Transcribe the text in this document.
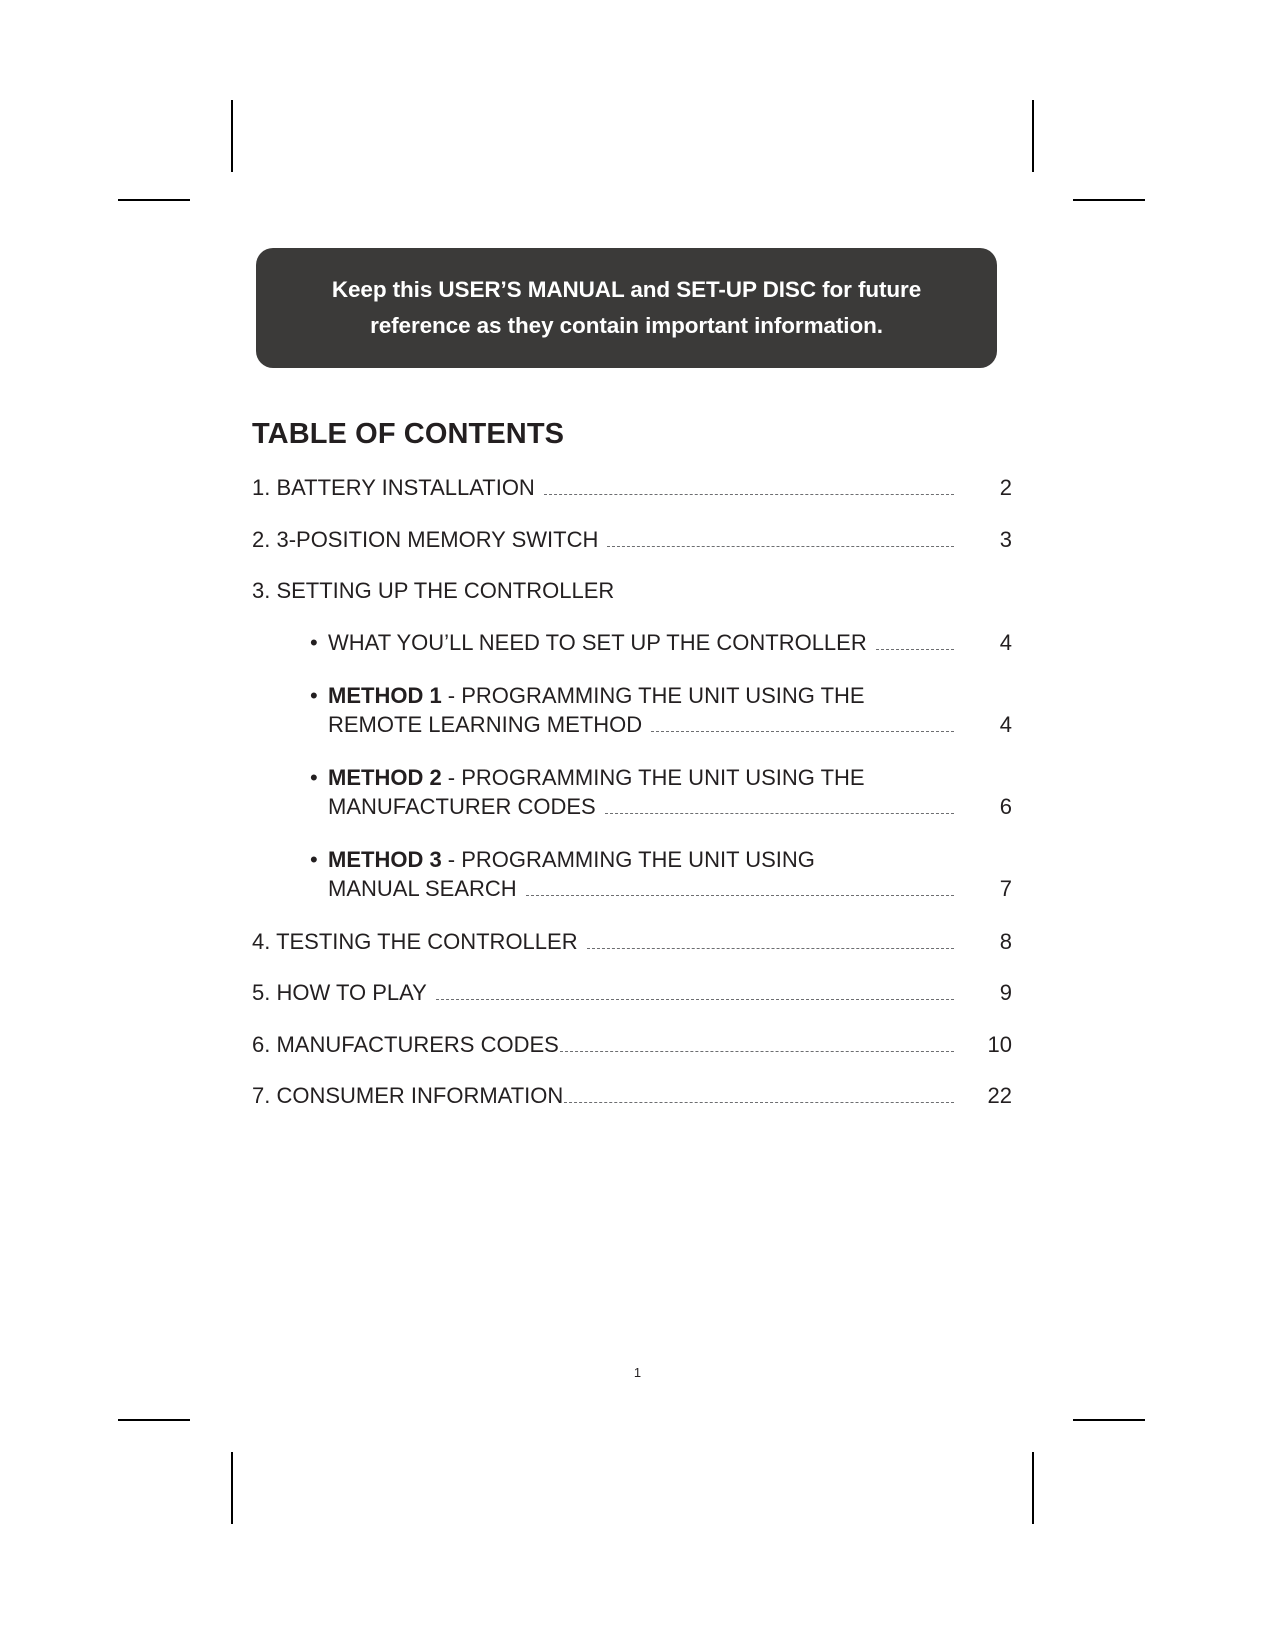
Keep this USER’S MANUAL and SET-UP DISC for future
reference as they contain important information.
TABLE OF CONTENTS
1. BATTERY INSTALLATION	2
2. 3-POSITION MEMORY SWITCH	3
3. SETTING UP THE CONTROLLER
• WHAT YOU’LL NEED TO SET UP THE CONTROLLER	4
• METHOD 1 - PROGRAMMING THE UNIT USING THE
REMOTE LEARNING METHOD	4
• METHOD 2 - PROGRAMMING THE UNIT USING THE
MANUFACTURER CODES	6
• METHOD 3 - PROGRAMMING THE UNIT USING
MANUAL SEARCH	7
4. TESTING THE CONTROLLER	8
5. HOW TO PLAY	9
6. MANUFACTURERS CODES	10
7. CONSUMER INFORMATION	22
1
